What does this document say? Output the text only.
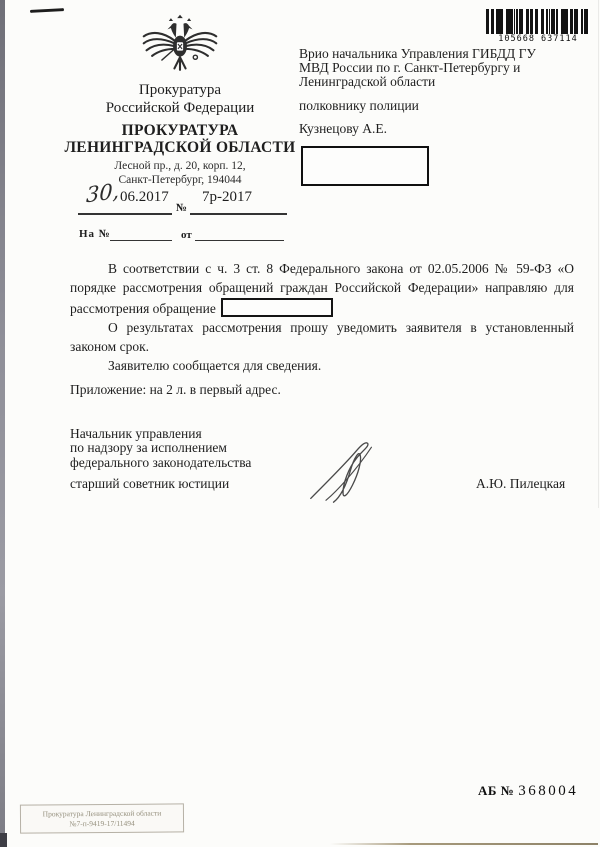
Прокуратура
Российской Федерации
ПРОКУРАТУРА
ЛЕНИНГРАДСКОЙ ОБЛАСТИ
Лесной пр., д. 20, корп. 12,
Санкт-Петербург, 194044
105668 637114
Врио начальника Управления ГИБДД ГУ
МВД России по г. Санкт-Петербургу и
Ленинградской области
полковнику полиции
Кузнецову А.Е.
30, 06.2017
№
7р-2017
На №	от

В соответствии с ч. 3 ст. 8 Федерального закона от 02.05.2006 № 59-ФЗ «О порядке рассмотрения обращений граждан Российской Федерации» направляю для рассмотрения обращение

О результатах рассмотрения прошу уведомить заявителя в установленный законом срок.

Заявителю сообщается для сведения.

Приложение: на 2 л. в первый адрес.
Начальник управления
по надзору за исполнением
федерального законодательства
старший советник юстиции	А.Ю. Пилецкая
АБ № 368004
Прокуратура Ленинградской области
№7-п-9419-17/11494
